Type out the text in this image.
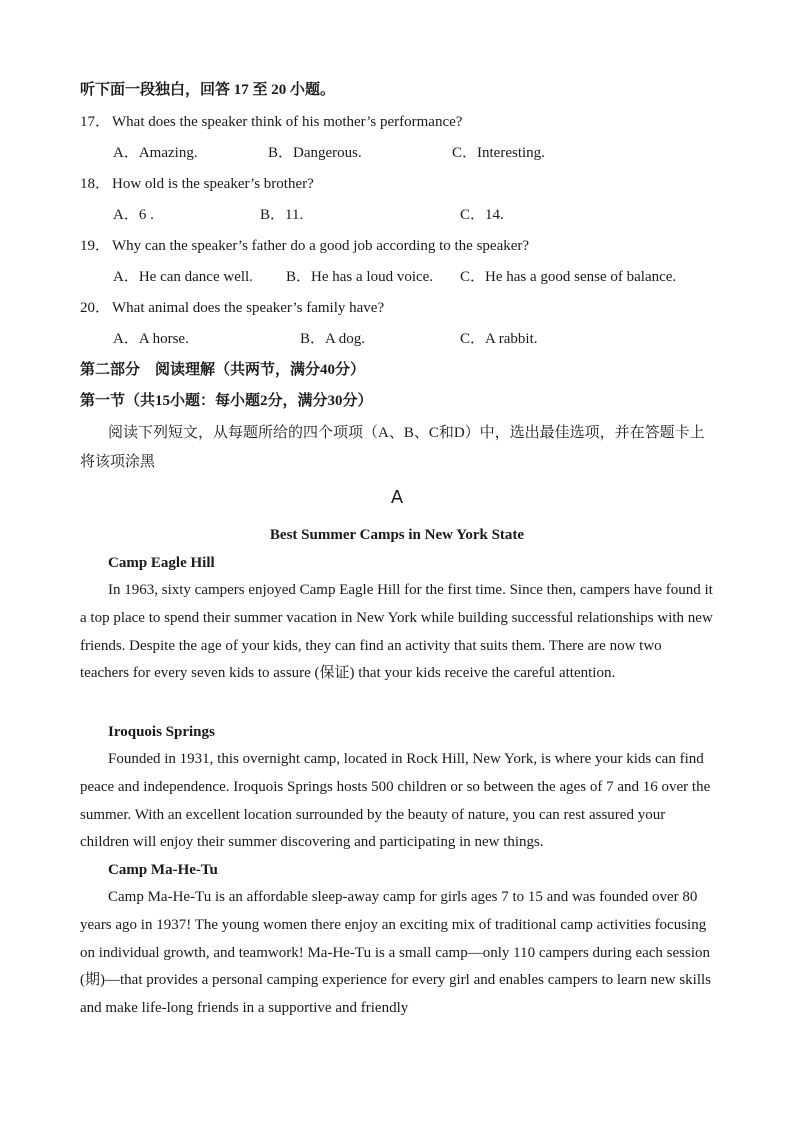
听下面一段独白，回答 17 至 20 小题。
17． What does the speaker think of his mother’s performance?
A．Amazing.	B．Dangerous.	C．Interesting.
18． How old is the speaker’s brother?
A．6 .	B．11.	C．14.
19． Why can the speaker’s father do a good job according to the speaker?
A．He can dance well. B．He has a loud voice. C．He has a good sense of balance.
20． What animal does the speaker’s family have?
A．A horse.	B．A dog.	C．A rabbit.
第二部分　阅读理解（共两节，满分40分）
第一节（共15小题：每小题2分，满分30分）
阅读下列短文，从每题所给的四个项项（A、B、C和D）中，选出最佳选项，并在答题卡上将该项涂黑
A
Best Summer Camps in New York State
Camp Eagle Hill
In 1963, sixty campers enjoyed Camp Eagle Hill for the first time. Since then, campers have found it a top place to spend their summer vacation in New York while building successful relationships with new friends. Despite the age of your kids, they can find an activity that suits them. There are now two teachers for every seven kids to assure (保证) that your kids receive the careful attention.
Iroquois Springs
Founded in 1931, this overnight camp, located in Rock Hill, New York, is where your kids can find peace and independence. Iroquois Springs hosts 500 children or so between the ages of 7 and 16 over the summer. With an excellent location surrounded by the beauty of nature, you can rest assured your children will enjoy their summer discovering and participating in new things.
Camp Ma-He-Tu
Camp Ma-He-Tu is an affordable sleep-away camp for girls ages 7 to 15 and was founded over 80 years ago in 1937! The young women there enjoy an exciting mix of traditional camp activities focusing on individual growth, and teamwork! Ma-He-Tu is a small camp—only 110 campers during each session (期)—that provides a personal camping experience for every girl and enables campers to learn new skills and make life-long friends in a supportive and friendly
